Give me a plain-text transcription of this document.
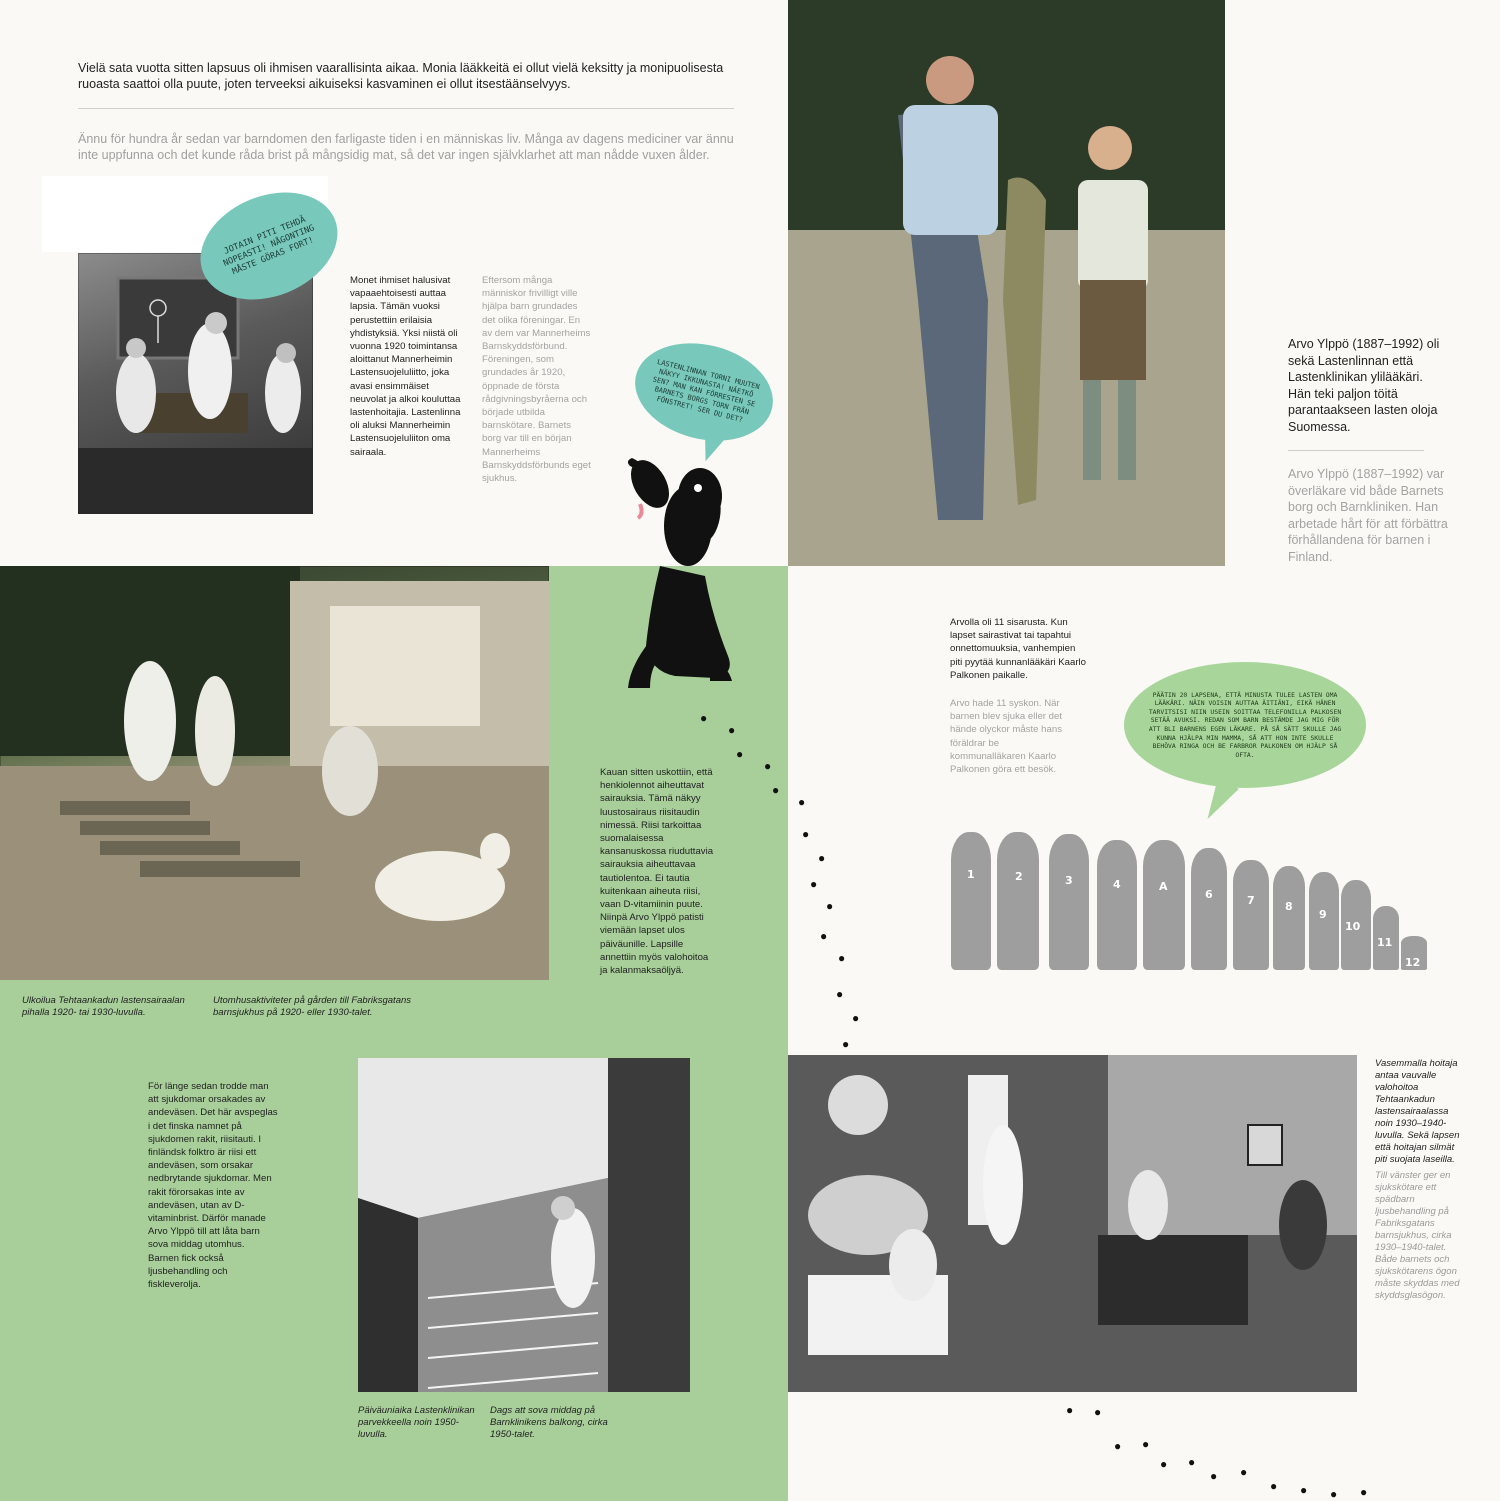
Vielä sata vuotta sitten lapsuus oli ihmisen vaarallisinta aikaa. Monia lääkkeitä ei ollut vielä keksitty ja monipuolisesta ruoasta saattoi olla puute, joten terveeksi aikuiseksi kasvaminen ei ollut itsestäänselvyys.
Ännu för hundra år sedan var barndomen den farligaste tiden i en människas liv. Många av dagens mediciner var ännu inte uppfunna och det kunde råda brist på mångsidig mat, så det var ingen självklarhet att man nådde vuxen ålder.
JOTAIN PITI TEHDÄ NOPEASTI! NÅGONTING MÅSTE GÖRAS FORT!
Monet ihmiset halusivat vapaaehtoisesti auttaa lapsia. Tämän vuoksi perustettiin erilaisia yhdistyksiä. Yksi niistä oli vuonna 1920 toimintansa aloittanut Mannerheimin Lastensuojeluliitto, joka avasi ensimmäiset neuvolat ja alkoi kouluttaa lastenhoitajia. Lastenlinna oli aluksi Mannerheimin Lastensuojeluliiton oma sairaala.
Eftersom många människor frivilligt ville hjälpa barn grundades det olika föreningar. En av dem var Mannerheims Barnskyddsförbund. Föreningen, som grundades år 1920, öppnade de första rådgivningsbyråerna och började utbilda barnskötare. Barnets borg var till en början Mannerheims Barnskyddsförbunds eget sjukhus.
LASTENLINNAN TORNI MUUTEN NÄKYY IKKUNASTA! NÄETKÖ SEN? MAN KAN FÖRRESTEN SE BARNETS BORGS TORN FRÅN FÖNSTRET! SER DU DET?
Arvo Ylppö (1887–1992) oli sekä Lastenlinnan että Lastenklinikan ylilääkäri. Hän teki paljon töitä parantaakseen lasten oloja Suomessa.
Arvo Ylppö (1887–1992) var överläkare vid både Barnets borg och Barnkliniken. Han arbetade hårt för att förbättra förhållandena för barnen i Finland.
Ulkoilua Tehtaankadun lastensairaalan pihalla 1920- tai 1930-luvulla.
Utomhusaktiviteter på gården till Fabriksgatans barnsjukhus på 1920- eller 1930-talet.
Kauan sitten uskottiin, että henkiolennot aiheuttavat sairauksia. Tämä näkyy luustosairaus riisitaudin nimessä. Riisi tarkoittaa suomalaisessa kansanuskossa riuduttavia sairauksia aiheuttavaa tautiolentoa. Ei tautia kuitenkaan aiheuta riisi, vaan D-vitamiinin puute. Niinpä Arvo Ylppö patisti viemään lapset ulos päiväunille. Lapsille annettiin myös valohoitoa ja kalanmaksaöljyä.
För länge sedan trodde man att sjukdomar orsakades av andeväsen. Det här avspeglas i det finska namnet på sjukdomen rakit, riisitauti. I finländsk folktro är riisi ett andeväsen, som orsakar nedbrytande sjukdomar. Men rakit förorsakas inte av andeväsen, utan av D-vitaminbrist. Därför manade Arvo Ylppö till att låta barn sova middag utomhus. Barnen fick också ljusbehandling och fiskleverolja.
Päiväuniaika Lastenklinikan parvekkeella noin 1950-luvulla.
Dags att sova middag på Barnklinikens balkong, cirka 1950-talet.
Arvolla oli 11 sisarusta. Kun lapset sairastivat tai tapahtui onnettomuuksia, vanhempien piti pyytää kunnanlääkäri Kaarlo Palkonen paikalle.
Arvo hade 11 syskon. När barnen blev sjuka eller det hände olyckor måste hans föräldrar be kommunalläkaren Kaarlo Palkonen göra ett besök.
PÄÄTIN 20 LAPSENA, ETTÄ MINUSTA TULEE LASTEN OMA LÄÄKÄRI. NÄIN VOISIN AUTTAA ÄITIÄNI, EIKÄ HÄNEN TARVITSISI NIIN USEIN SOITTAA TELEFONILLA PALKOSEN SETÄÄ AVUKSI. REDAN SOM BARN BESTÄMDE JAG MIG FÖR ATT BLI BARNENS EGEN LÄKARE. PÅ SÅ SÄTT SKULLE JAG KUNNA HJÄLPA MIN MAMMA, SÅ ATT HON INTE SKULLE BEHÖVA RINGA OCH BE FARBROR PALKONEN OM HJÄLP SÅ OFTA.
1	2	3	4	A
6	7	8
9
10
11
12
Vasemmalla hoitaja antaa vauvalle valohoitoa Tehtaankadun lastensairaalassa noin 1930–1940-luvulla. Sekä lapsen että hoitajan silmät piti suojata laseilla.
Till vänster ger en sjukskötare ett spädbarn ljusbehandling på Fabriksgatans barnsjukhus, cirka 1930–1940-talet. Både barnets och sjukskötarens ögon måste skyddas med skyddsglasögon.
●
●
●
●
●
●
●
●
●
●
●
●
●
●
●
● ●
● ●
● ●
● ●
● ● ● ●
